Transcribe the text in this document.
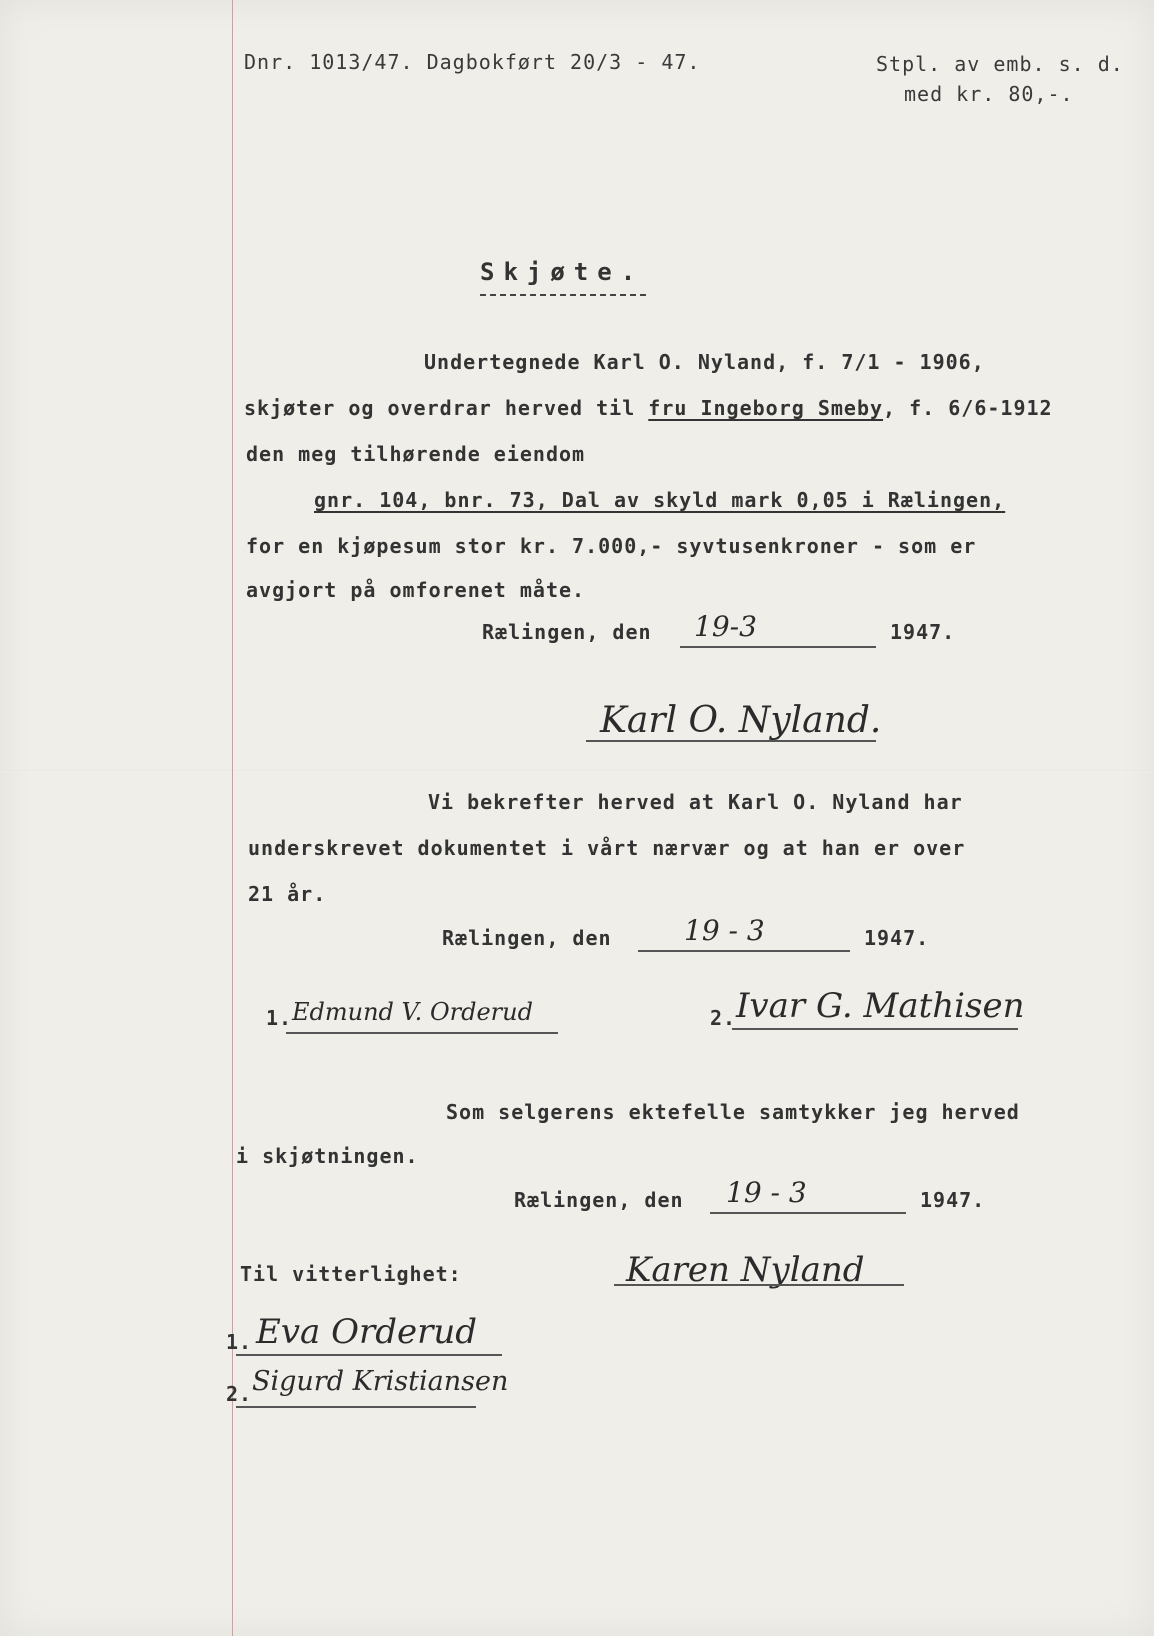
Dnr. 1013/47. Dagbokført 20/3 - 47.	Stpl. av emb. s. d.
med kr. 80,-.
Skjøte.
Undertegnede Karl O. Nyland, f. 7/1 - 1906,
skjøter og overdrar herved til fru Ingeborg Smeby, f. 6/6-1912
den meg tilhørende eiendom
gnr. 104, bnr. 73, Dal av skyld mark 0,05 i Rælingen,
for en kjøpesum stor kr. 7.000,- syvtusenkroner - som er
avgjort på omforenet måte.
Rælingen, den 19-3	1947.
Karl O. Nyland.
Vi bekrefter herved at Karl O. Nyland har
underskrevet dokumentet i vårt nærvær og at han er over
21 år.
Rælingen, den	19 - 3	1947.
1. Edmund V. Orderud	2. Ivar G. Mathisen
Som selgerens ektefelle samtykker jeg herved
i skjøtningen.
Rælingen, den 19 - 3	1947.
Karen Nyland
Til vitterlighet:
1. Eva Orderud
2. Sigurd Kristiansen
